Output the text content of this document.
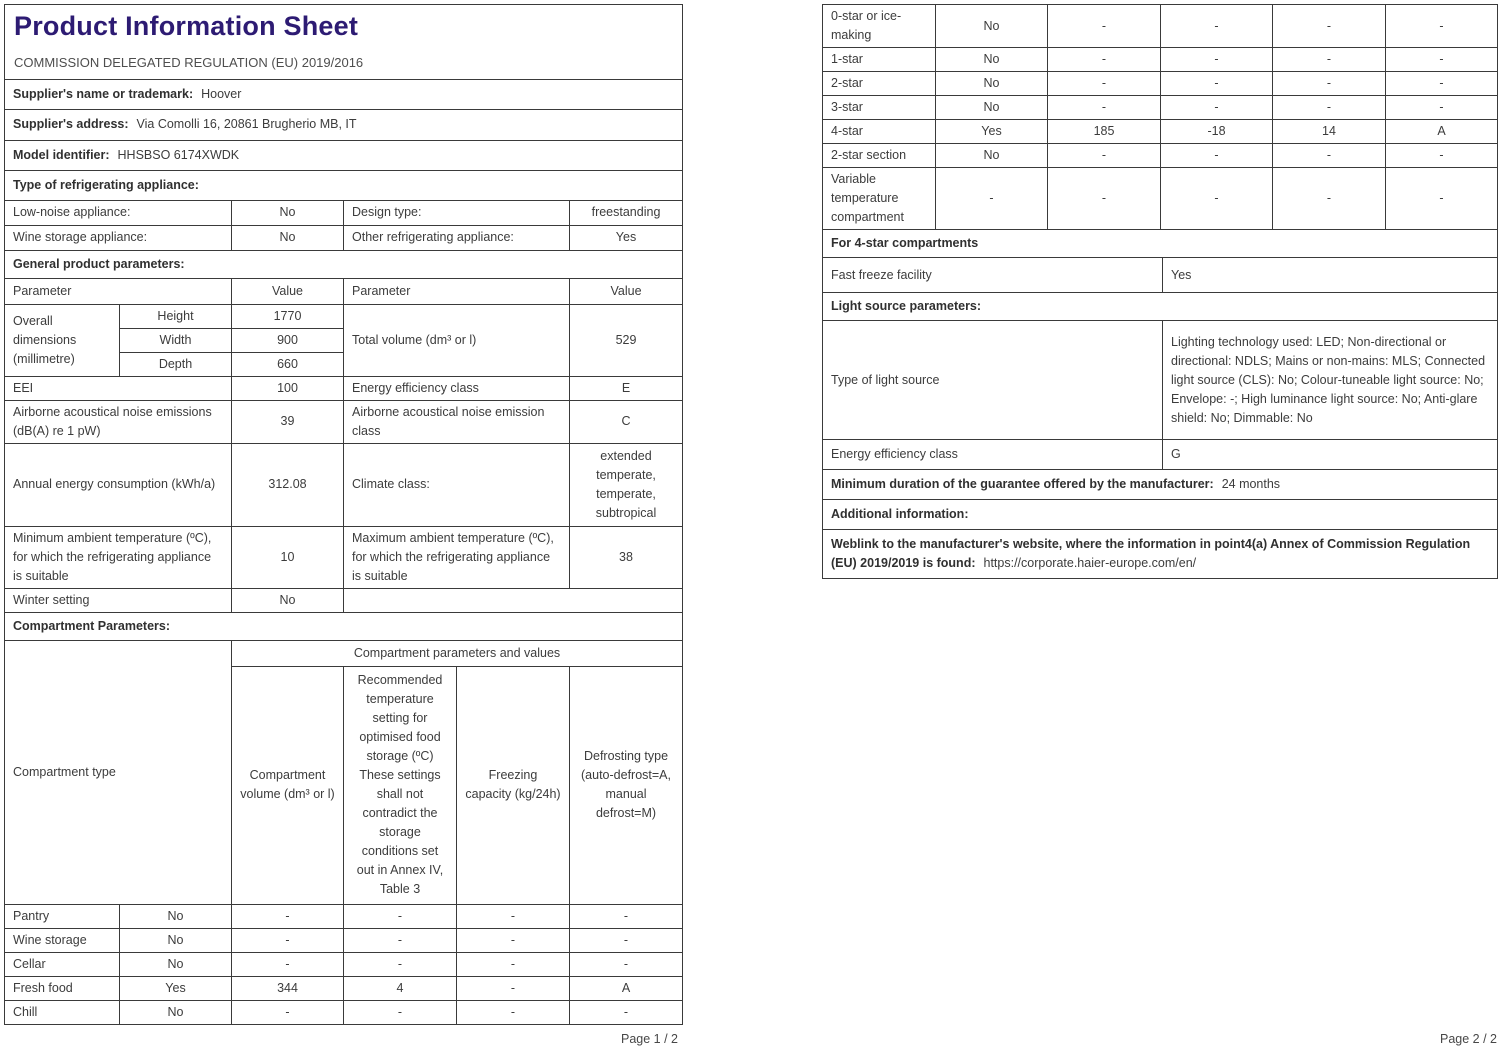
Product Information Sheet
COMMISSION DELEGATED REGULATION (EU) 2019/2016					

Supplier's name or trademark: Hoover					
Supplier's address: Via Comolli 16, 20861 Brugherio MB, IT					
Model identifier: HHSBSO 6174XWDK					
Type of refrigerating appliance:					
Low-noise appliance:		No	Design type:		freestanding
Wine storage appliance:		No	Other refrigerating appliance:		Yes
General product parameters:					
Parameter		Value	Parameter		Value
Overall dimensions (millimetre)	Height	1770	Total volume (dm³ or l)		529
	Width	900			
	Depth	660			
EEI		100	Energy efficiency class		E
Airborne acoustical noise emissions (dB(A) re 1 pW)		39	Airborne acoustical noise emission class		C
Annual energy consumption (kWh/a)		312.08	Climate class:		extended temperate, temperate, subtropical
Minimum ambient temperature (ºC), for which the refrigerating appliance is suitable		10	Maximum ambient temperature (ºC), for which the refrigerating appliance is suitable		38
Winter setting		No			
Compartment Parameters:					
Compartment type		Compartment parameters and values			
		Compartment volume (dm³ or l)	Recommended temperature setting for optimised food storage (ºC) These settings shall not contradict the storage conditions set out in Annex IV, Table 3	Freezing capacity (kg/24h)	Defrosting type (auto-defrost=A, manual defrost=M)
Pantry	No	-	-	-	-
Wine storage	No	-	-	-	-
Cellar	No	-	-	-	-
Fresh food	Yes	344	4	-	A
Chill	No	-	-	-	-
0-star or ice-making	No	-	-	-	-
1-star	No	-	-	-	-
2-star	No	-	-	-	-
3-star	No	-	-	-	-
4-star	Yes	185	-18	14	A
2-star section	No	-	-	-	-
Variable temperature compartment	-	-	-	-	-
For 4-star compartments					
Fast freeze facility	Yes
Light source parameters:	
Type of light source	Lighting technology used: LED; Non-directional or directional: NDLS; Mains or non-mains: MLS; Connected light source (CLS): No; Colour-tuneable light source: No; Envelope: -; High luminance light source: No; Anti-glare shield: No; Dimmable: No
Energy efficiency class	G
Minimum duration of the guarantee offered by the manufacturer: 24 months	
Additional information:	
Weblink to the manufacturer's website, where the information in point4(a) Annex of Commission Regulation (EU) 2019/2019 is found: https://corporate.haier-europe.com/en/	
Page 1 / 2	Page 2 / 2
